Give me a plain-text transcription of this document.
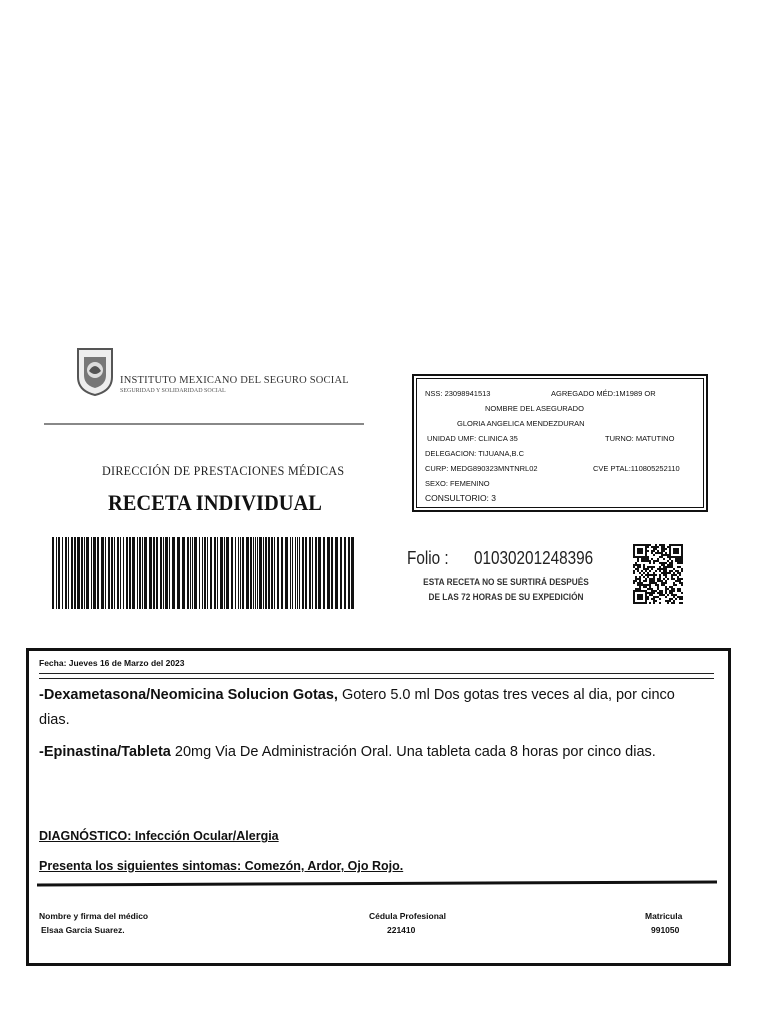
INSTITUTO MEXICANO DEL SEGURO SOCIAL
SEGURIDAD Y SOLIDARIDAD SOCIAL
DIRECCIÓN DE PRESTACIONES MÉDICAS
RECETA INDIVIDUAL
NSS: 23098941513	AGREGADO MÉD:1M1989 OR
NOMBRE DEL ASEGURADO
GLORIA ANGELICA MENDEZDURAN
UNIDAD UMF: CLINICA 35	TURNO: MATUTINO
DELEGACION: TIJUANA,B.C
CURP: MEDG890323MNTNRL02	CVE PTAL:110805252110
SEXO: FEMENINO
CONSULTORIO: 3
Folio : 01030201248396
ESTA RECETA NO SE SURTIRÁ DESPUÉS
DE LAS 72 HORAS DE SU EXPEDICIÓN
Fecha: Jueves 16 de Marzo del 2023

-Dexametasona/Neomicina Solucion Gotas, Gotero 5.0 ml Dos gotas tres veces al dia, por cinco dias.

-Epinastina/Tableta 20mg Via De Administración Oral. Una tableta cada 8 horas por cinco dias.

DIAGNÓSTICO: Infección Ocular/Alergia
Presenta los siguientes sintomas: Comezón, Ardor, Ojo Rojo.
Nombre y firma del médico
Elsaa Garcia Suarez.
Cédula Profesional
221410
Matricula
991050
